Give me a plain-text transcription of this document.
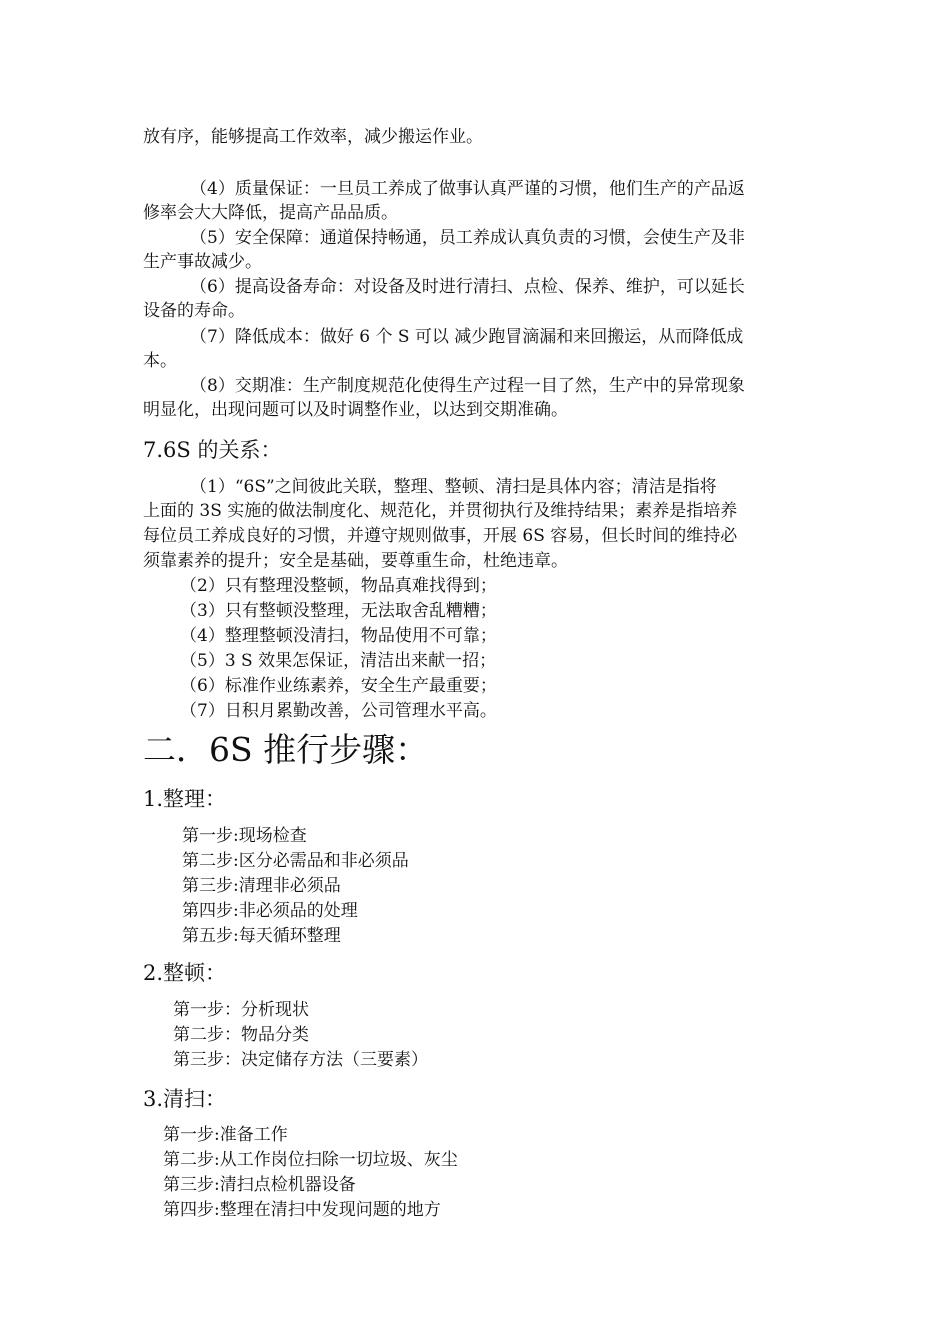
放有序，能够提高工作效率，减少搬运作业。
（4）质量保证：一旦员工养成了做事认真严谨的习惯，他们生产的产品返
修率会大大降低，提高产品品质。
（5）安全保障：通道保持畅通，员工养成认真负责的习惯，会使生产及非
生产事故减少。
（6）提高设备寿命：对设备及时进行清扫、点检、保养、维护，可以延长
设备的寿命。
（7）降低成本：做好 6 个 S 可以 减少跑冒滴漏和来回搬运，从而降低成
本。
（8）交期准：生产制度规范化使得生产过程一目了然，生产中的异常现象
明显化，出现问题可以及时调整作业，以达到交期准确。
7.6S 的关系：
（1）“6S”之间彼此关联，整理、整顿、清扫是具体内容；清洁是指将
上面的 3S 实施的做法制度化、规范化，并贯彻执行及维持结果；素养是指培养
每位员工养成良好的习惯，并遵守规则做事，开展 6S 容易，但长时间的维持必
须靠素养的提升；安全是基础，要尊重生命，杜绝违章。
（2）只有整理没整顿，物品真难找得到；
（3）只有整顿没整理，无法取舍乱糟糟；
（4）整理整顿没清扫，物品使用不可靠；
（5）3 S 效果怎保证，清洁出来献一招；
（6）标准作业练素养，安全生产最重要；
（7）日积月累勤改善，公司管理水平高。
二．6S 推行步骤：
1.整理：
第一步:现场检查
第二步:区分必需品和非必须品
第三步:清理非必须品
第四步:非必须品的处理
第五步:每天循环整理
2.整顿：
第一步：分析现状
第二步：物品分类
第三步：决定储存方法（三要素）
3.清扫：
第一步:准备工作
第二步:从工作岗位扫除一切垃圾、灰尘
第三步:清扫点检机器设备
第四步:整理在清扫中发现问题的地方
